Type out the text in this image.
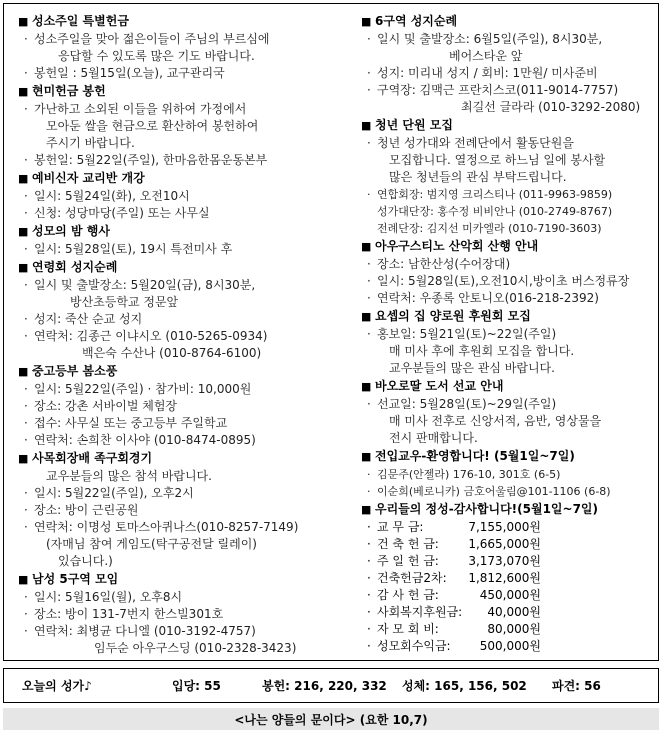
■ 성소주일 특별헌금
· 성소주일을 맞아 젊은이들이 주님의 부르심에
응답할 수 있도록 많은 기도 바랍니다.
· 봉헌일 : 5월15일(오늘), 교구관리국
■ 현미헌금 봉헌
· 가난하고 소외된 이들을 위하여 가정에서
모아둔 쌀을 현금으로 환산하여 봉헌하여
주시기 바랍니다.
· 봉헌일: 5월22일(주일), 한마음한몸운동본부
■ 예비신자 교리반 개강
· 일시: 5월24일(화), 오전10시
· 신청: 성당마당(주일) 또는 사무실
■ 성모의 밤 행사
· 일시: 5월28일(토), 19시 특전미사 후
■ 연령회 성지순례
· 일시 및 출발장소: 5월20일(금), 8시30분,
방산초등학교 정문앞
· 성지: 죽산 순교 성지
· 연락처: 김종근 이냐시오 (010-5265-0934)
백은숙 수산나 (010-8764-6100)
■ 중고등부 봄소풍
· 일시: 5월22일(주일) · 참가비: 10,000원
· 장소: 강촌 서바이벌 체험장
· 접수: 사무실 또는 중고등부 주일학교
· 연락처: 손희찬 이사야 (010-8474-0895)
■ 사목회장배 족구회경기
교우분들의 많은 참석 바랍니다.
· 일시: 5월22일(주일), 오후2시
· 장소: 방이 근린공원
· 연락처: 이명성 토마스아퀴나스(010-8257-7149)
(자매님 참여 게임도(탁구공전달 릴레이)
있습니다.)
■ 남성 5구역 모임
· 일시: 5월16일(월), 오후8시
· 장소: 방이 131-7번지 한스빌301호
· 연락처: 최병균 다니엘 (010-3192-4757)
임두순 아우구스딩 (010-2328-3423)
■ 6구역 성지순례
· 일시 및 출발장소: 6월5일(주일), 8시30분,
베어스타운 앞
· 성지: 미리내 성지 / 회비: 1만원/ 미사준비
· 구역장: 김맥근 프란치스코(011-9014-7757)
최길선 글라라 (010-3292-2080)
■ 청년 단원 모집
· 청년 성가대와 전례단에서 활동단원을
모집합니다. 열정으로 하느님 일에 봉사할
많은 청년들의 관심 부탁드립니다.
· 연합회장: 범지영 크리스티나 (011-9963-9859)
성가대단장: 홍수정 비비안나 (010-2749-8767)
전례단장: 김지선 미카엘라 (010-7190-3603)
■ 아우구스티노 산악회 산행 안내
· 장소: 남한산성(수어장대)
· 일시: 5월28일(토),오전10시,방이초 버스정류장
· 연락처: 우종록 안토니오(016-218-2392)
■ 요셉의 집 양로원 후원회 모집
· 홍보일: 5월21일(토)~22일(주일)
매 미사 후에 후원회 모집을 합니다.
교우분들의 많은 관심 바랍니다.
■ 바오로딸 도서 선교 안내
· 선교일: 5월28일(토)~29일(주일)
매 미사 전후로 신앙서적, 음반, 영상물을
전시 판매합니다.
■ 전입교우-환영합니다! (5월1일~7일)
· 김문주(안젤라) 176-10, 301호 (6-5)
· 이순희(베로니카) 금호어울림@101-1106 (6-8)
■ 우리들의 정성-감사합니다!(5월1일~7일)
· 교 무 금:	7,155,000원
· 건 축 헌 금:	1,665,000원
· 주 일 헌 금:	3,173,070원
· 건축헌금2차:	1,812,600원
· 감 사 헌 금:	450,000원
· 사회복지후원금:	40,000원
· 자 모 회 비:	80,000원
· 성모회수익금:	500,000원
오늘의 성가♪	입당: 55	봉헌: 216, 220, 332	성체: 165, 156, 502	파견: 56
<나는 양들의 문이다> (요한 10,7)
